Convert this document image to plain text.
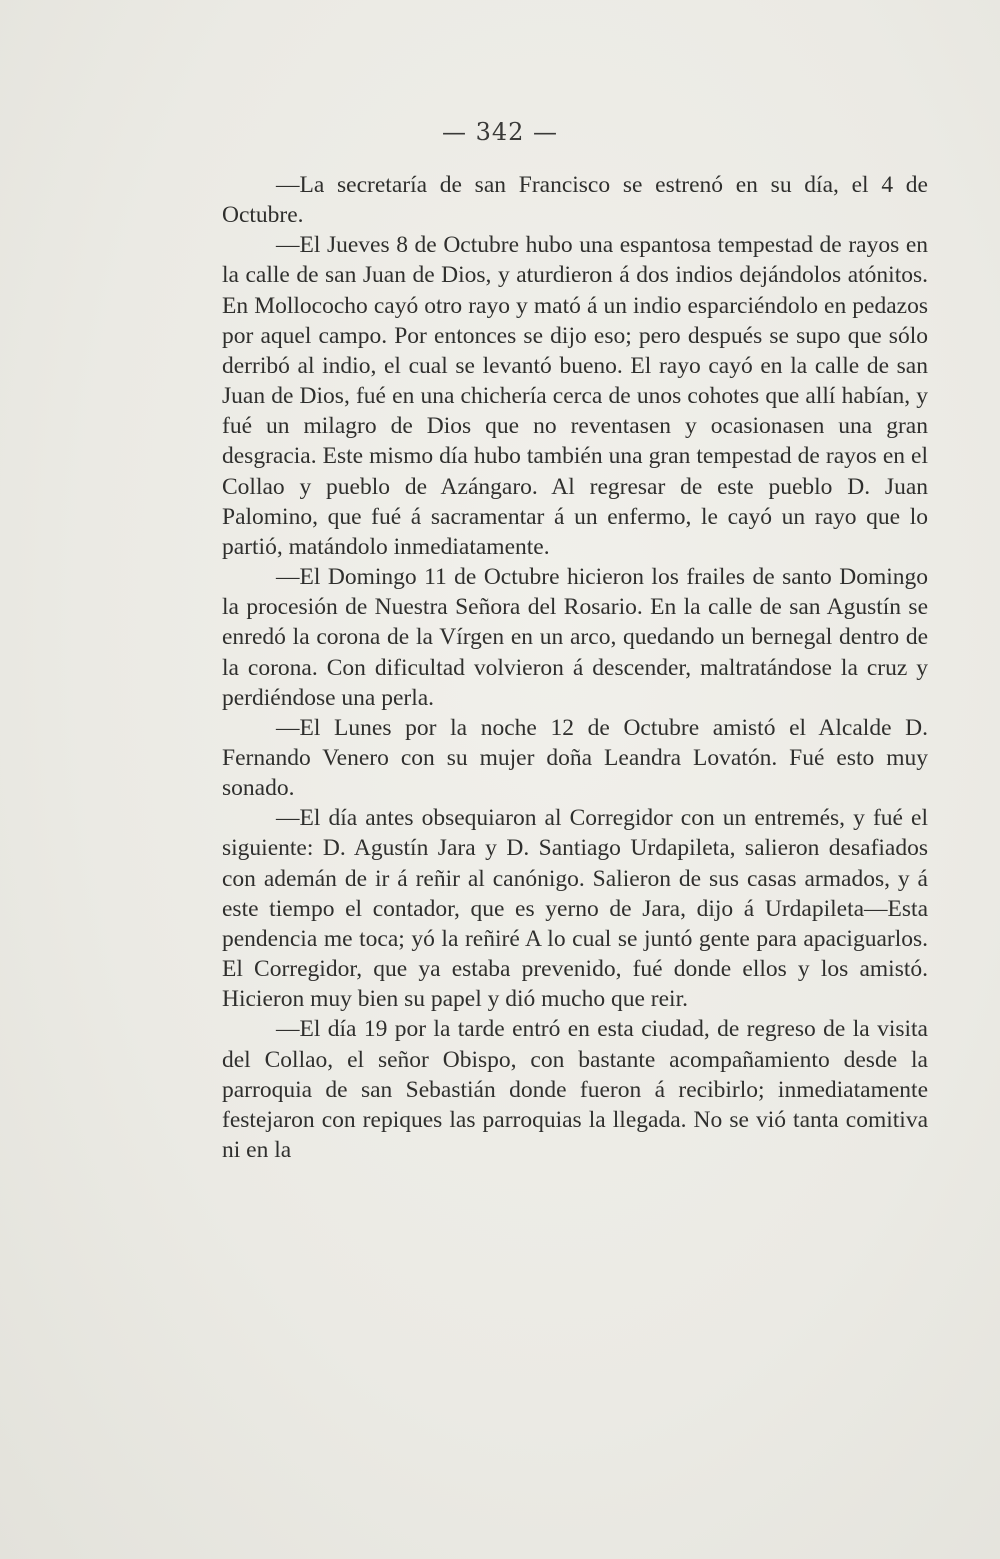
— 342 —

—La secretaría de san Francisco se estrenó en su día, el 4 de Octubre.

—El Jueves 8 de Octubre hubo una espantosa tempestad de rayos en la calle de san Juan de Dios, y aturdieron á dos indios dejándolos atónitos. En Mollococho cayó otro rayo y mató á un indio esparciéndolo en pedazos por aquel campo. Por entonces se dijo eso; pero después se supo que sólo derribó al indio, el cual se levantó bueno. El rayo cayó en la calle de san Juan de Dios, fué en una chichería cerca de unos cohotes que allí habían, y fué un milagro de Dios que no reventasen y ocasionasen una gran desgracia. Este mismo día hubo también una gran tempestad de rayos en el Collao y pueblo de Azángaro. Al regresar de este pueblo D. Juan Palomino, que fué á sacramentar á un enfermo, le cayó un rayo que lo partió, matándolo inmediatamente.

—El Domingo 11 de Octubre hicieron los frailes de santo Domingo la procesión de Nuestra Señora del Rosario. En la calle de san Agustín se enredó la corona de la Vírgen en un arco, quedando un bernegal dentro de la corona. Con dificultad volvieron á descender, maltratándose la cruz y perdiéndose una perla.

—El Lunes por la noche 12 de Octubre amistó el Alcalde D. Fernando Venero con su mujer doña Leandra Lovatón. Fué esto muy sonado.

—El día antes obsequiaron al Corregidor con un entremés, y fué el siguiente: D. Agustín Jara y D. Santiago Urdapileta, salieron desafiados con ademán de ir á reñir al canónigo. Salieron de sus casas armados, y á este tiempo el contador, que es yerno de Jara, dijo á Urdapileta—Esta pendencia me toca; yó la reñiré A lo cual se juntó gente para apaciguarlos. El Corregidor, que ya estaba prevenido, fué donde ellos y los amistó. Hicieron muy bien su papel y dió mucho que reir.

—El día 19 por la tarde entró en esta ciudad, de regreso de la visita del Collao, el señor Obispo, con bastante acompañamiento desde la parroquia de san Sebastián donde fueron á recibirlo; inmediatamente festejaron con repiques las parroquias la llegada. No se vió tanta comitiva ni en la
